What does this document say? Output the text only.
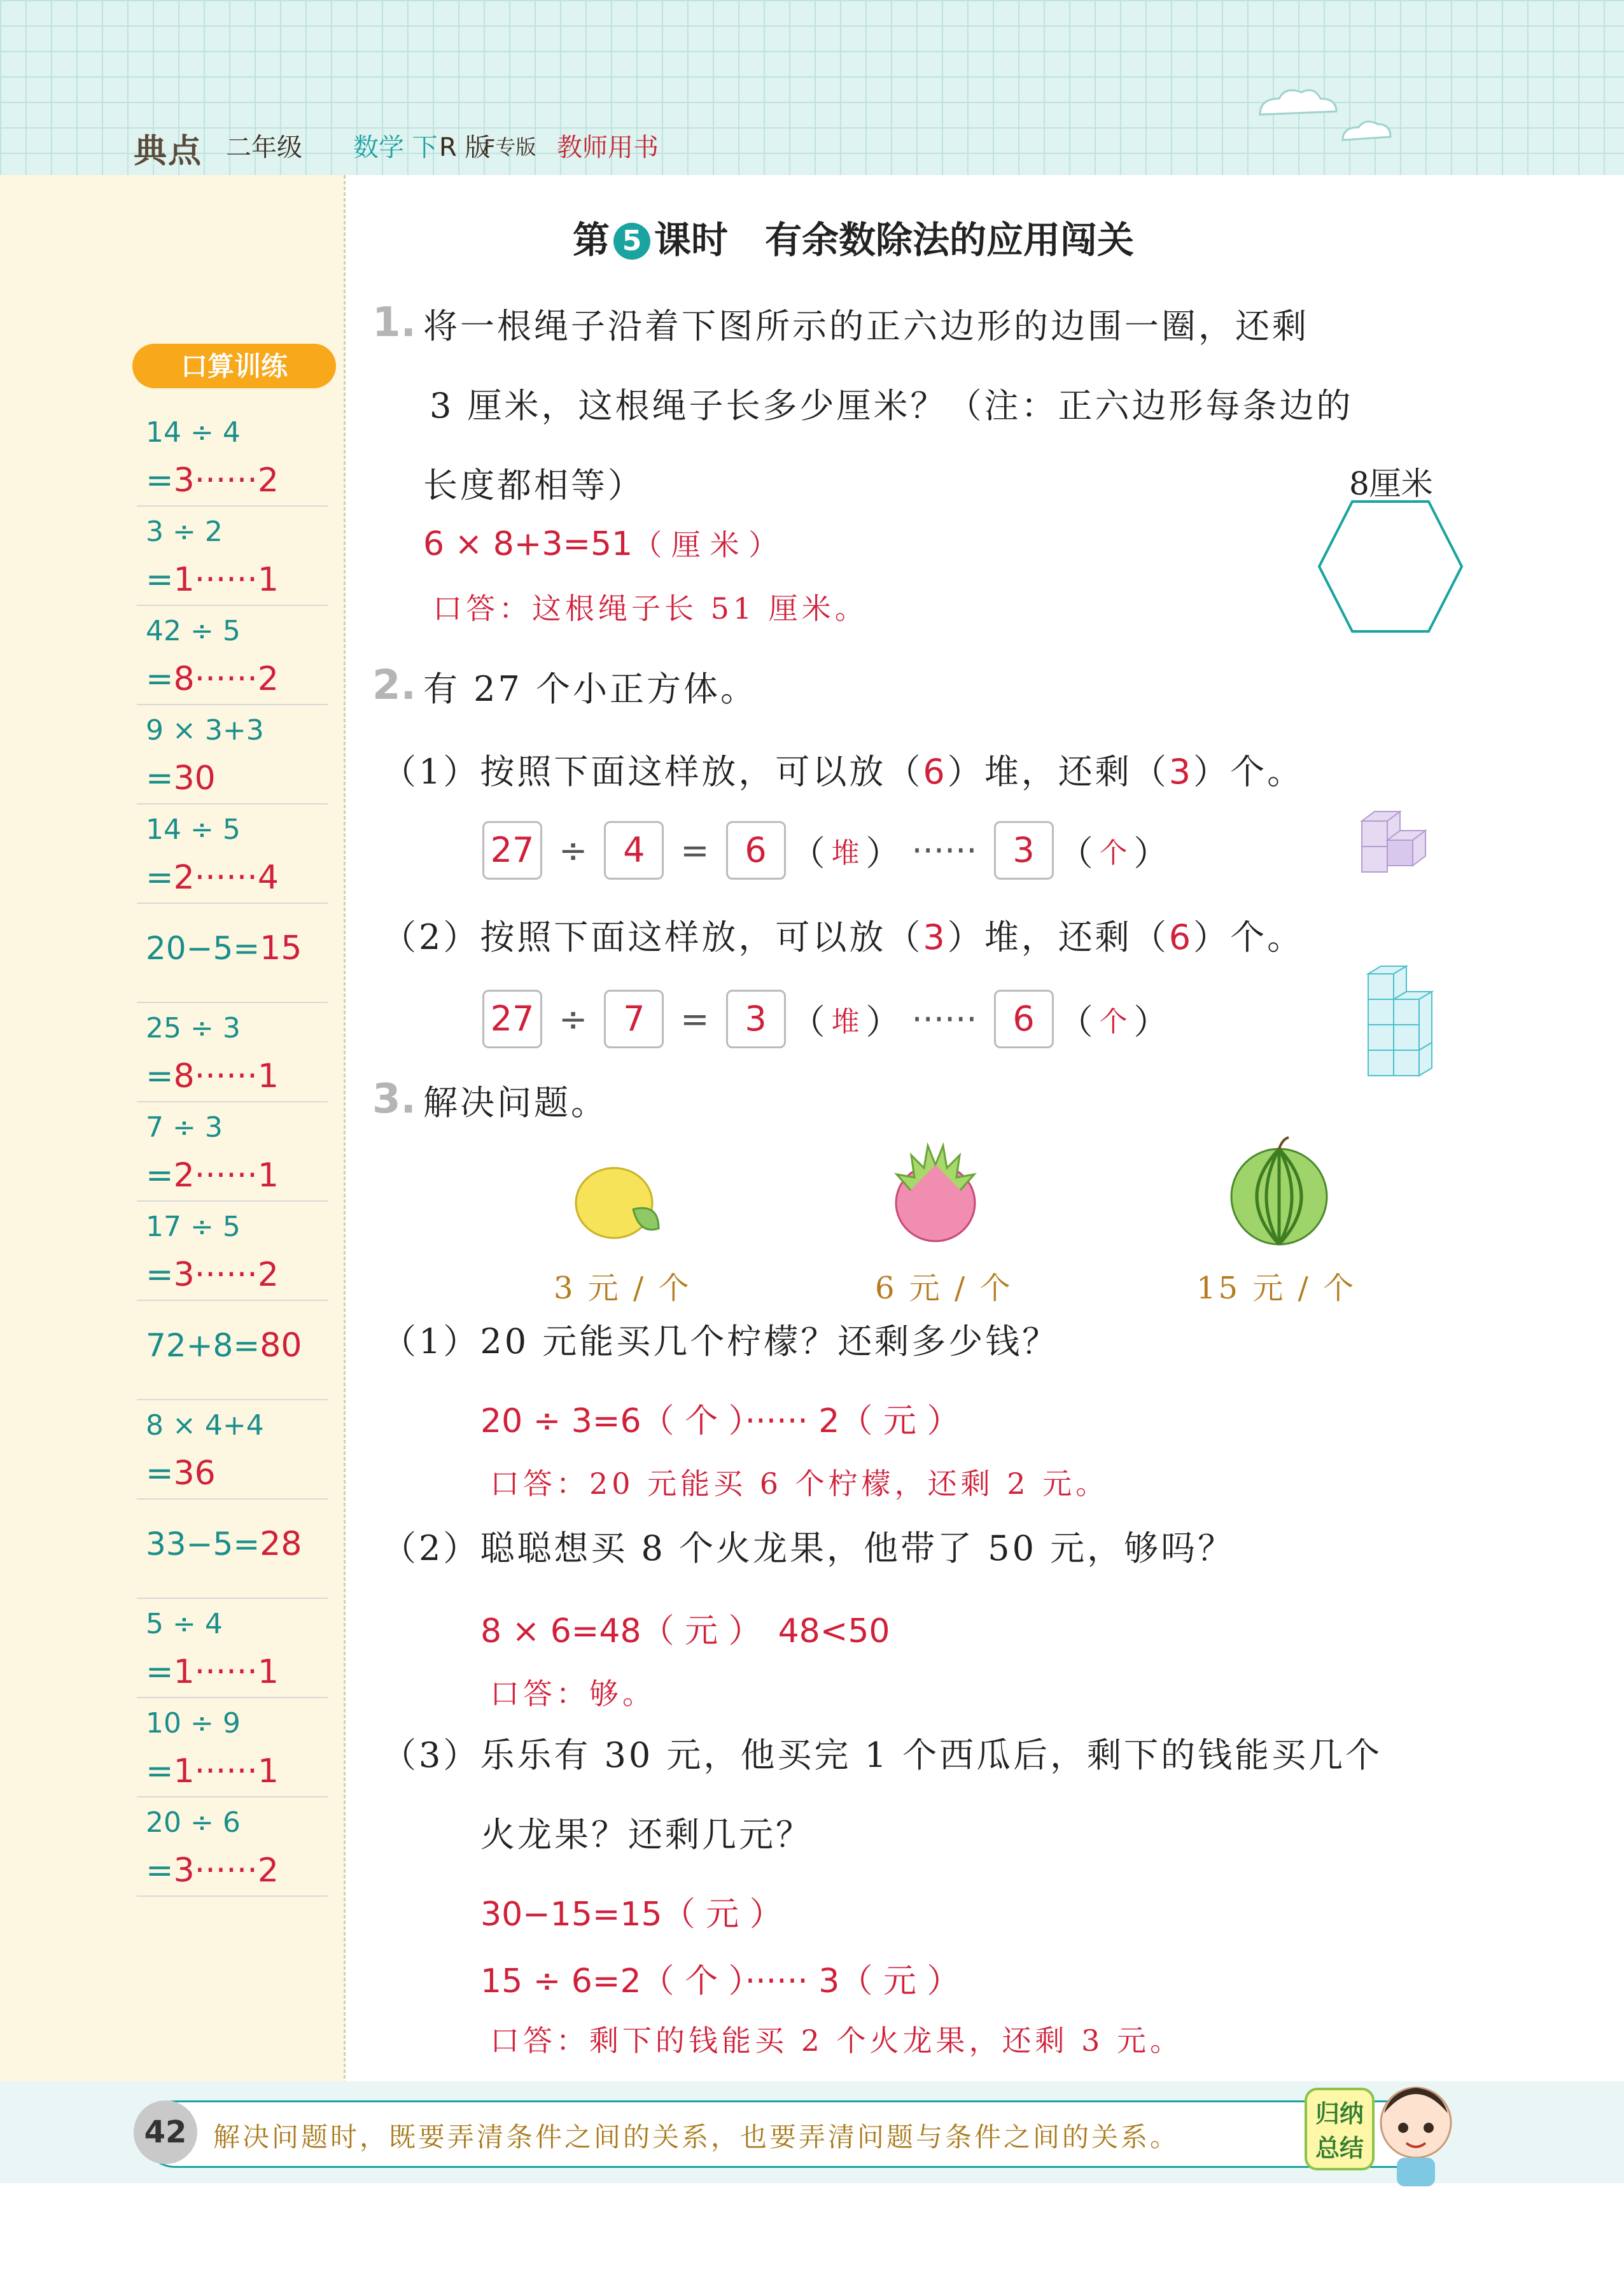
典点 二年级 数学 下 R 版
F专版 教师用书
口算训练
14 ÷ 4
=3······2
3 ÷ 2
=1······1
42 ÷ 5
=8······2
9 × 3+3
=30
14 ÷ 5
=2······4
20−5=15
25 ÷ 3
=8······1
7 ÷ 3
=2······1
17 ÷ 5
=3······2
72+8=80
8 × 4+4
=36
33−5=28
5 ÷ 4
=1······1
10 ÷ 9
=1······1
20 ÷ 6
=3······2
第 5 课时　有余数除法的应用闯关
1. 将一根绳子沿着下图所示的正六边形的边围一圈，还剩
3 厘米，这根绳子长多少厘米？（注：正六边形每条边的
长度都相等）	8厘米
6 × 8+3=51（ 厘 米 ）
口答：这根绳子长 51 厘米。
2. 有 27 个小正方体。
（1）按照下面这样放，可以放（6）堆，还剩（3）个。
27 ÷ 4 = 6 （ 堆 ） ······ 3 （ 个 ）
（2）按照下面这样放，可以放（3）堆，还剩（6）个。
27 ÷ 7 = 3 （ 堆 ） ······ 6 （ 个 ）
3. 解决问题。
3 元 / 个	6 元 / 个	15 元 / 个
（1）20 元能买几个柠檬？还剩多少钱？
20 ÷ 3=6（ 个 ）······ 2（ 元 ）
口答：20 元能买 6 个柠檬，还剩 2 元。
（2）聪聪想买 8 个火龙果，他带了 50 元，够吗？
8 × 6=48（ 元 ）　48<50
口答：够。
（3）乐乐有 30 元，他买完 1 个西瓜后，剩下的钱能买几个
火龙果？还剩几元？
30−15=15（ 元 ）
15 ÷ 6=2（ 个 ）······ 3（ 元 ）
口答：剩下的钱能买 2 个火龙果，还剩 3 元。
42 解决问题时，既要弄清条件之间的关系，也要弄清问题与条件之间的关系。
归纳
总结
